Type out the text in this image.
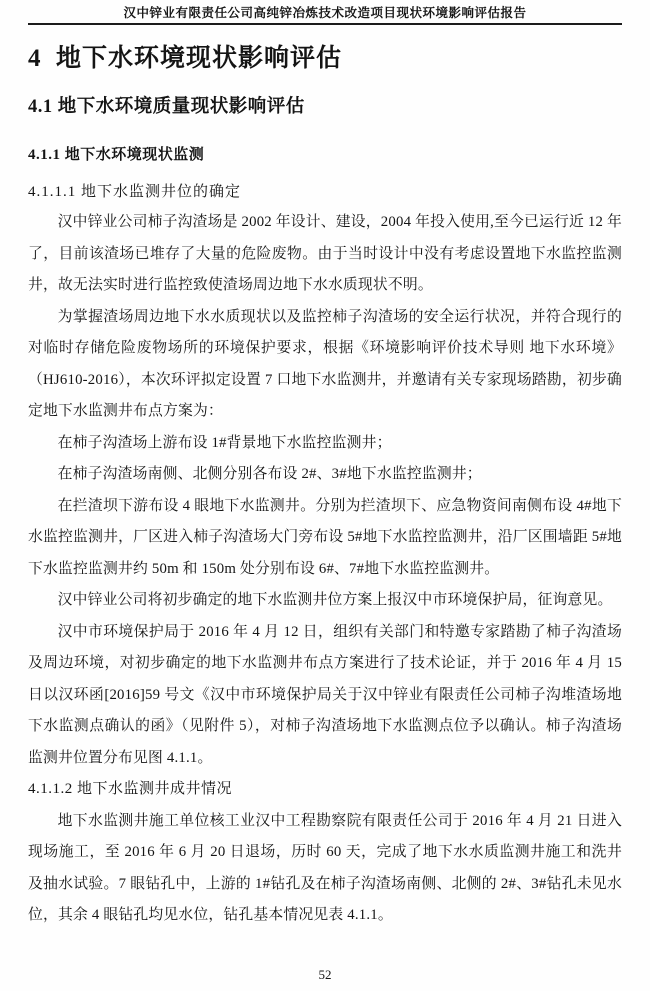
汉中锌业有限责任公司高纯锌冶炼技术改造项目现状环境影响评估报告
4  地下水环境现状影响评估
4.1 地下水环境质量现状影响评估
4.1.1 地下水环境现状监测
4.1.1.1 地下水监测井位的确定

汉中锌业公司柿子沟渣场是 2002 年设计、建设，2004 年投入使用,至今已运行近 12 年了，目前该渣场已堆存了大量的危险废物。由于当时设计中没有考虑设置地下水监控监测井，故无法实时进行监控致使渣场周边地下水水质现状不明。

为掌握渣场周边地下水水质现状以及监控柿子沟渣场的安全运行状况，并符合现行的对临时存储危险废物场所的环境保护要求，根据《环境影响评价技术导则 地下水环境》（HJ610-2016），本次环评拟定设置 7 口地下水监测井，并邀请有关专家现场踏勘，初步确定地下水监测井布点方案为：

在柿子沟渣场上游布设 1#背景地下水监控监测井；

在柿子沟渣场南侧、北侧分别各布设 2#、3#地下水监控监测井；

在拦渣坝下游布设 4 眼地下水监测井。分别为拦渣坝下、应急物资间南侧布设 4#地下水监控监测井，厂区进入柿子沟渣场大门旁布设 5#地下水监控监测井，沿厂区围墙距 5#地下水监控监测井约 50m 和 150m 处分别布设 6#、7#地下水监控监测井。

汉中锌业公司将初步确定的地下水监测井位方案上报汉中市环境保护局，征询意见。

汉中市环境保护局于 2016 年 4 月 12 日，组织有关部门和特邀专家踏勘了柿子沟渣场及周边环境，对初步确定的地下水监测井布点方案进行了技术论证，并于 2016 年 4 月 15 日以汉环函[2016]59 号文《汉中市环境保护局关于汉中锌业有限责任公司柿子沟堆渣场地下水监测点确认的函》（见附件 5），对柿子沟渣场地下水监测点位予以确认。柿子沟渣场监测井位置分布见图 4.1.1。

4.1.1.2 地下水监测井成井情况

地下水监测井施工单位核工业汉中工程勘察院有限责任公司于 2016 年 4 月 21 日进入现场施工，至 2016 年 6 月 20 日退场，历时 60 天，完成了地下水水质监测井施工和洗井及抽水试验。7 眼钻孔中，上游的 1#钻孔及在柿子沟渣场南侧、北侧的 2#、3#钻孔未见水位，其余 4 眼钻孔均见水位，钻孔基本情况见表 4.1.1。

52
